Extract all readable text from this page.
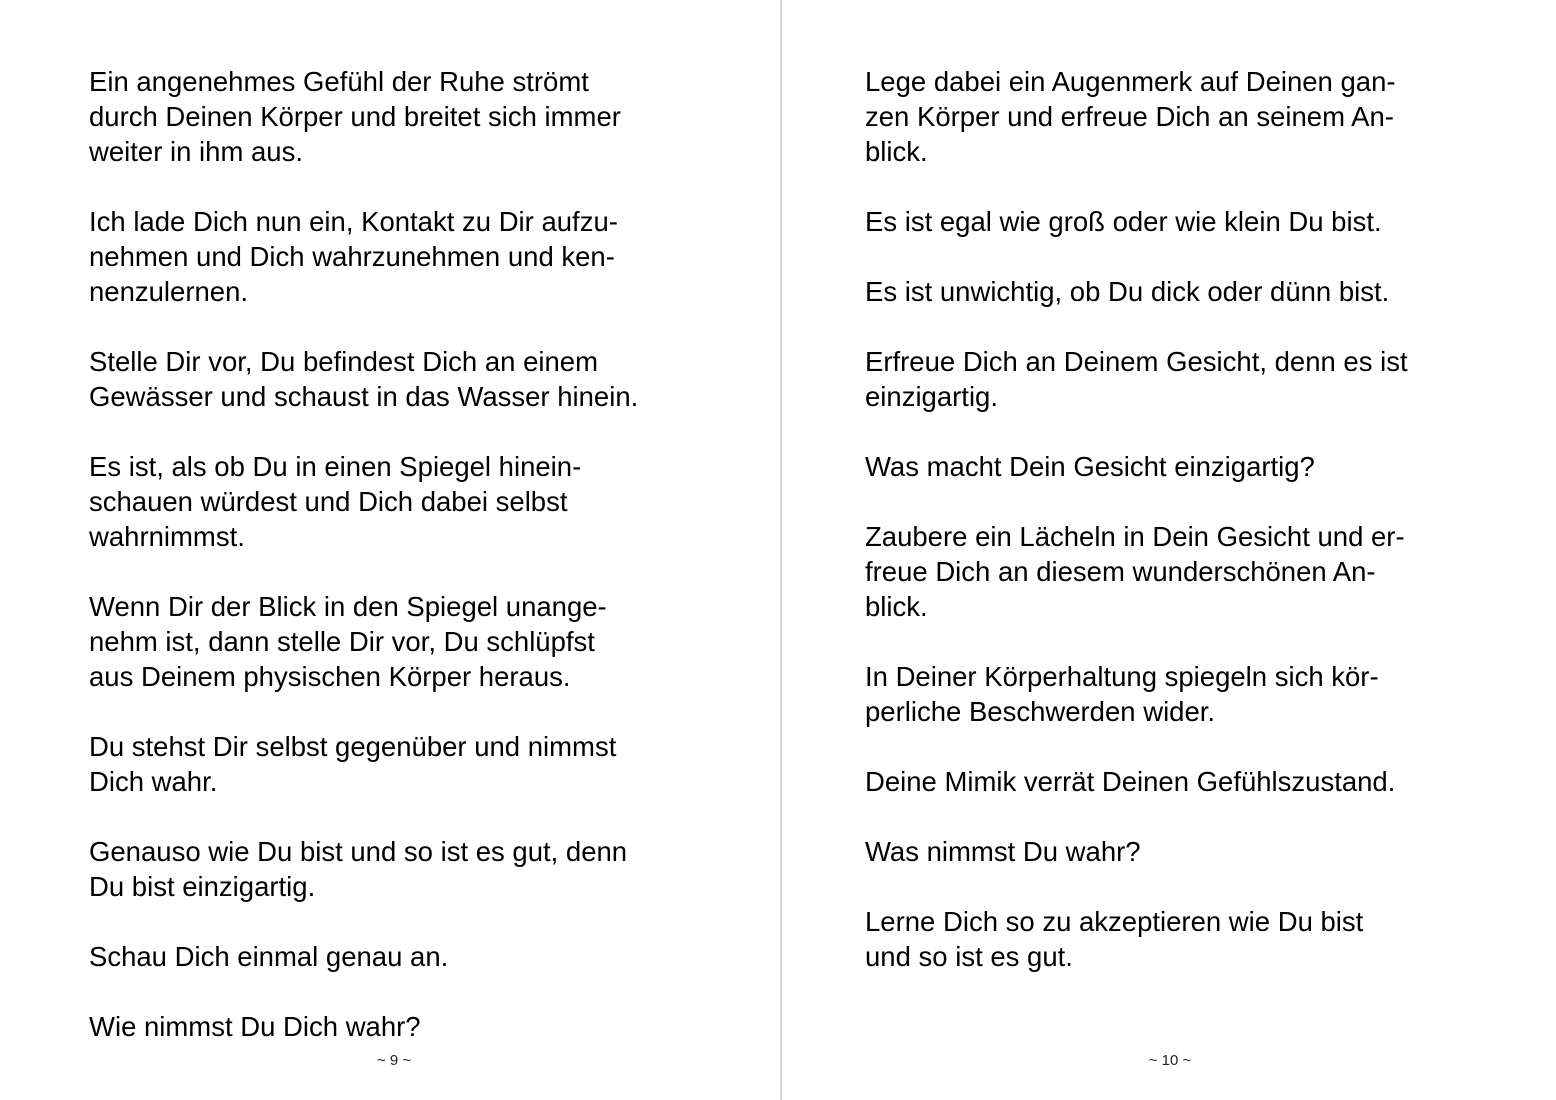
Ein angenehmes Gefühl der Ruhe strömt
durch Deinen Körper und breitet sich immer
weiter in ihm aus.

Ich lade Dich nun ein, Kontakt zu Dir aufzu-
nehmen und Dich wahrzunehmen und ken-
nenzulernen.

Stelle Dir vor, Du befindest Dich an einem
Gewässer und schaust in das Wasser hinein.

Es ist, als ob Du in einen Spiegel hinein-
schauen würdest und Dich dabei selbst
wahrnimmst.

Wenn Dir der Blick in den Spiegel unange-
nehm ist, dann stelle Dir vor, Du schlüpfst
aus Deinem physischen Körper heraus.

Du stehst Dir selbst gegenüber und nimmst
Dich wahr.

Genauso wie Du bist und so ist es gut, denn
Du bist einzigartig.

Schau Dich einmal genau an.

Wie nimmst Du Dich wahr?

Lege dabei ein Augenmerk auf Deinen gan-
zen Körper und erfreue Dich an seinem An-
blick.

Es ist egal wie groß oder wie klein Du bist.

Es ist unwichtig, ob Du dick oder dünn bist.

Erfreue Dich an Deinem Gesicht, denn es ist
einzigartig.

Was macht Dein Gesicht einzigartig?

Zaubere ein Lächeln in Dein Gesicht und er-
freue Dich an diesem wunderschönen An-
blick.

In Deiner Körperhaltung spiegeln sich kör-
perliche Beschwerden wider.

Deine Mimik verrät Deinen Gefühlszustand.

Was nimmst Du wahr?

Lerne Dich so zu akzeptieren wie Du bist
und so ist es gut.

~ 9 ~	~ 10 ~
